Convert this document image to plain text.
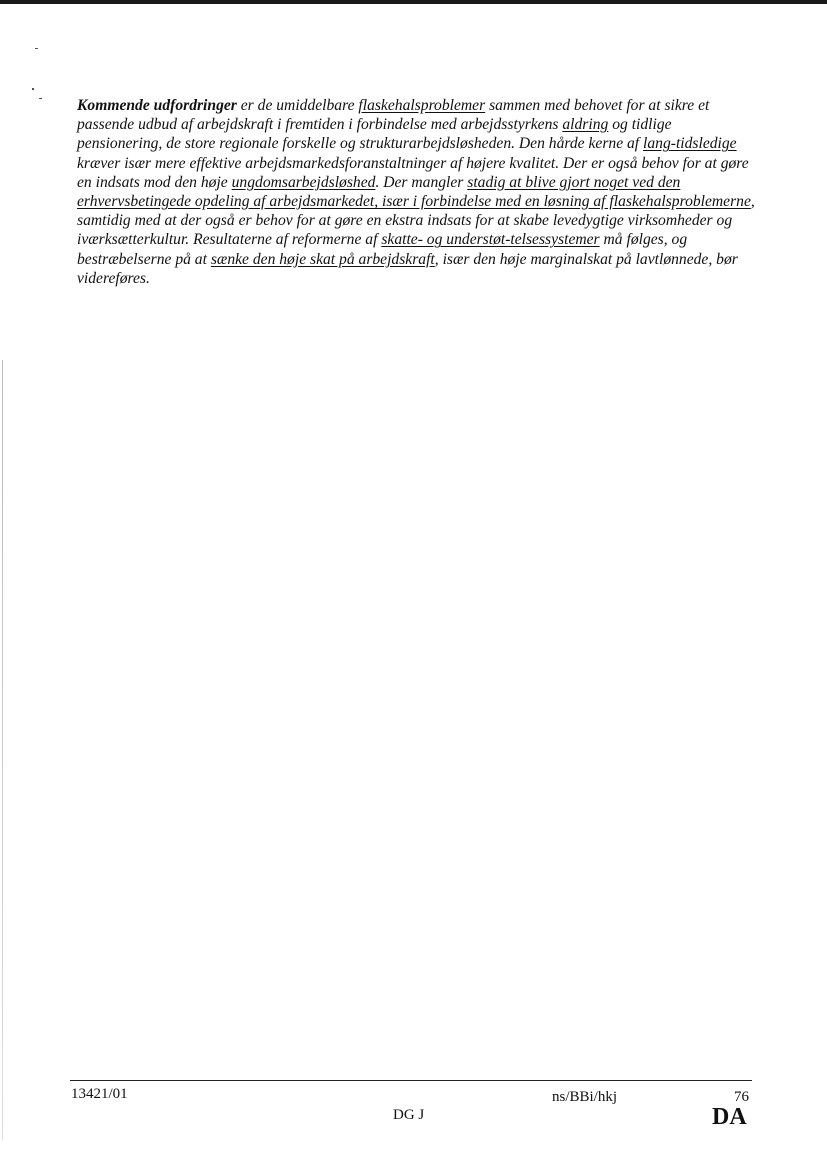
Kommende udfordringer er de umiddelbare flaskehalsproblemer sammen med behovet for at sikre et passende udbud af arbejdskraft i fremtiden i forbindelse med arbejdsstyrkens aldring og tidlige pensionering, de store regionale forskelle og strukturarbejdsløsheden. Den hårde kerne af lang-tidsledige kræver især mere effektive arbejdsmarkedsforanstaltninger af højere kvalitet. Der er også behov for at gøre en indsats mod den høje ungdomsarbejdsløshed. Der mangler stadig at blive gjort noget ved den erhvervsbetingede opdeling af arbejdsmarkedet, især i forbindelse med en løsning af flaskehalsproblemerne, samtidig med at der også er behov for at gøre en ekstra indsats for at skabe levedygtige virksomheder og iværksætterkultur. Resultaterne af reformerne af skatte- og understøt-telsessystemer må følges, og bestræbelserne på at sænke den høje skat på arbejdskraft, især den høje marginalskat på lavtlønnede, bør videreføres.

13421/01	ns/BBi/hkj	76
DG J	DA
